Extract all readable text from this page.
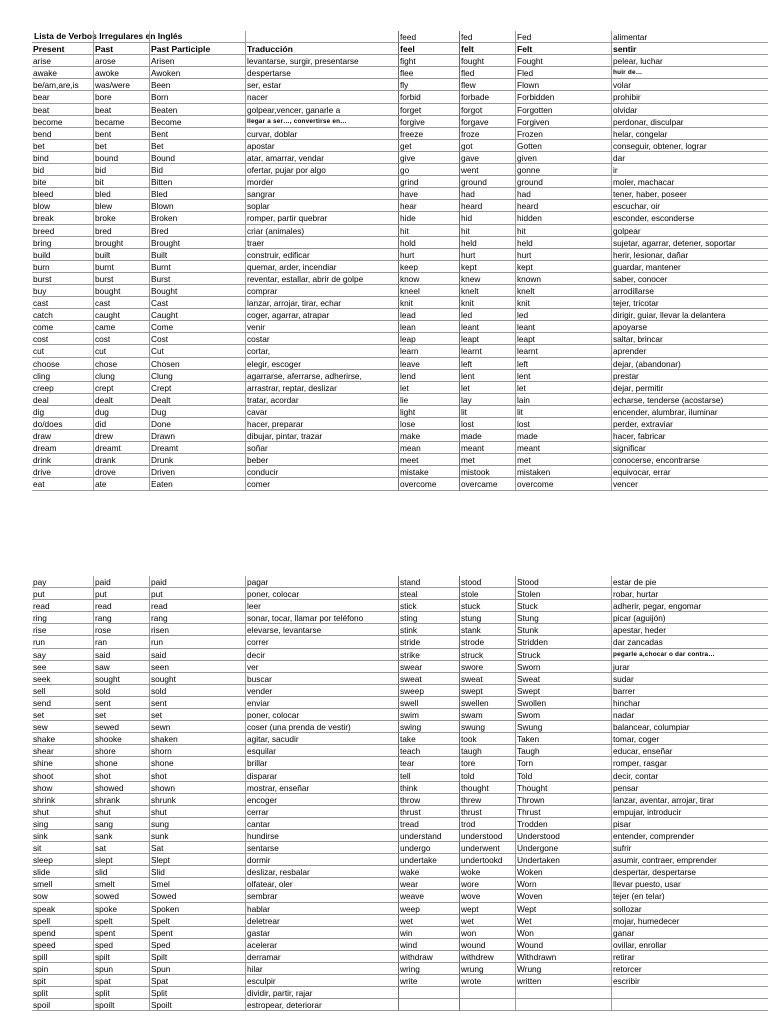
Lista de Verbos Irregulares en Inglés	feed	fed	Fed	alimentar
Present	Past	Past Participle	Traducción	feel	felt	Felt	sentir
arise	arose	Arisen	levantarse, surgir, presentarse	fight	fought	Fought	pelear, luchar
awake	awoke	Awoken	despertarse	flee	fled	Fled	huir de…
be/am,are,is	was/were	Been	ser, estar	fly	flew	Flown	volar
bear	bore	Born	nacer	forbid	forbade	Forbidden	prohibir
beat	beat	Beaten	golpear,vencer, ganarle a	forget	forgot	Forgotten	olvidar
become	became	Become	llegar a ser…, convertirse en…	forgive	forgave	Forgiven	perdonar, disculpar
bend	bent	Bent	curvar, doblar	freeze	froze	Frozen	helar, congelar
bet	bet	Bet	apostar	get	got	Gotten	conseguir, obtener, lograr
bind	bound	Bound	atar, amarrar, vendar	give	gave	given	dar
bid	bid	Bid	ofertar, pujar por algo	go	went	gonne	ir
bite	bit	Bitten	morder	grind	ground	ground	moler, machacar
bleed	bled	Bled	sangrar	have	had	had	tener, haber, poseer
blow	blew	Blown	soplar	hear	heard	heard	escuchar, oir
break	broke	Broken	romper, partir quebrar	hide	hid	hidden	esconder, esconderse
breed	bred	Bred	criar (animales)	hit	hit	hit	golpear
bring	brought	Brought	traer	hold	held	held	sujetar, agarrar, detener, soportar
build	built	Built	construir, edificar	hurt	hurt	hurt	herir, lesionar, dañar
burn	burnt	Burnt	quemar, arder, incendiar	keep	kept	kept	guardar, mantener
burst	burst	Burst	reventar, estallar, abrir de golpe	know	knew	known	saber, conocer
buy	bought	Bought	comprar	kneel	knelt	knelt	arrodillarse
cast	cast	Cast	lanzar, arrojar, tirar, echar	knit	knit	knit	tejer, tricotar
catch	caught	Caught	coger, agarrar, atrapar	lead	led	led	dirigir, guiar, llevar la delantera
come	came	Come	venir	lean	leant	leant	apoyarse
cost	cost	Cost	costar	leap	leapt	leapt	saltar, brincar
cut	cut	Cut	cortar,	learn	learnt	learnt	aprender
choose	chose	Chosen	elegir, escoger	leave	left	left	dejar, (abandonar)
cling	clung	Clung	agarrarse, aferrarse, adherirse,	lend	lent	lent	prestar
creep	crept	Crept	arrastrar, reptar, deslizar	let	let	let	dejar, permitir
deal	dealt	Dealt	tratar, acordar	lie	lay	lain	echarse, tenderse (acostarse)
dig	dug	Dug	cavar	light	lit	lit	encender, alumbrar, iluminar
do/does	did	Done	hacer, preparar	lose	lost	lost	perder, extraviar
draw	drew	Drawn	dibujar, pintar, trazar	make	made	made	hacer, fabricar
dream	dreamt	Dreamt	soñar	mean	meant	meant	significar
drink	drank	Drunk	beber	meet	met	met	conocerse, encontrarse
drive	drove	Driven	conducir	mistake	mistook	mistaken	equivocar, errar
eat	ate	Eaten	comer	overcome	overcame	overcome	vencer
pay	paid	paid	pagar	stand	stood	Stood	estar de pie
put	put	put	poner, colocar	steal	stole	Stolen	robar, hurtar
read	read	read	leer	stick	stuck	Stuck	adherir, pegar, engomar
ring	rang	rang	sonar, tocar, llamar por teléfono	sting	stung	Stung	picar (aguijón)
rise	rose	risen	elevarse, levantarse	stink	stank	Stunk	apestar, heder
run	ran	run	correr	stride	strode	Stridden	dar zancadas
say	said	said	decir	strike	struck	Struck	pegarle a,chocar o dar contra…
see	saw	seen	ver	swear	swore	Sworn	jurar
seek	sought	sought	buscar	sweat	sweat	Sweat	sudar
sell	sold	sold	vender	sweep	swept	Swept	barrer
send	sent	sent	enviar	swell	swellen	Swollen	hinchar
set	set	set	poner, colocar	swim	swam	Swom	nadar
sew	sewed	sewn	coser (una prenda de vestir)	swing	swung	Swung	balancear, columpiar
shake	shooke	shaken	agitar, sacudir	take	took	Taken	tomar, coger
shear	shore	shorn	esquilar	teach	taugh	Taugh	educar, enseñar
shine	shone	shone	brillar	tear	tore	Torn	romper, rasgar
shoot	shot	shot	disparar	tell	told	Told	decir, contar
show	showed	shown	mostrar, enseñar	think	thought	Thought	pensar
shrink	shrank	shrunk	encoger	throw	threw	Thrown	lanzar, aventar, arrojar, tirar
shut	shut	shut	cerrar	thrust	thrust	Thrust	empujar, introducir
sing	sang	sung	cantar	tread	trod	Trodden	pisar
sink	sank	sunk	hundirse	understand	understood	Understood	entender, comprender
sit	sat	Sat	sentarse	undergo	underwent	Undergone	sufrir
sleep	slept	Slept	dormir	undertake	undertookd	Undertaken	asumir, contraer, emprender
slide	slid	Slid	deslizar, resbalar	wake	woke	Woken	despertar, despertarse
smell	smelt	Smel	olfatear, oler	wear	wore	Worn	llevar puesto, usar
sow	sowed	Sowed	sembrar	weave	wove	Woven	tejer (en telar)
speak	spoke	Spoken	hablar	weep	wept	Wept	sollozar
spell	spelt	Spelt	deletrear	wet	wet	Wet	mojar, humedecer
spend	spent	Spent	gastar	win	won	Won	ganar
speed	sped	Sped	acelerar	wind	wound	Wound	ovillar, enrollar
spill	spilt	Spilt	derramar	withdraw	withdrew	Withdrawn	retirar
spin	spun	Spun	hilar	wring	wrung	Wrung	retorcer
spit	spat	Spat	esculpir	write	wrote	written	escribir
split	split	Split	dividir, partir, rajar
spoil	spoilt	Spoilt	estropear, deteriorar
